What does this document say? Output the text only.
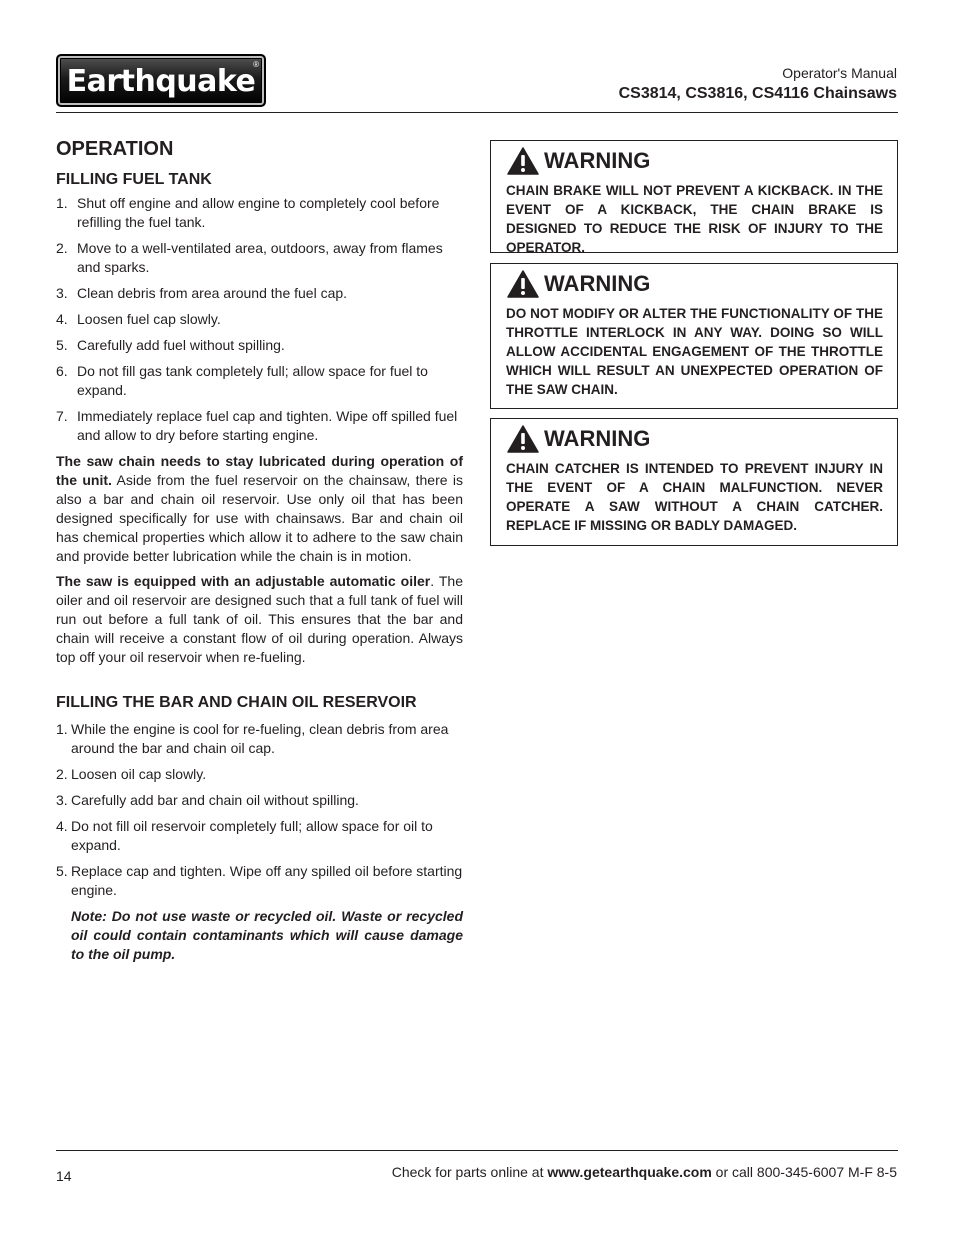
Earthquake
®
Operator's Manual
CS3814, CS3816, CS4116 Chainsaws
OPERATION
FILLING FUEL TANK
1. Shut off engine and allow engine to completely cool before refilling the fuel tank.
2. Move to a well-ventilated area, outdoors, away from flames and sparks.
3. Clean debris from area around the fuel cap.
4. Loosen fuel cap slowly.
5. Carefully add fuel without spilling.
6. Do not fill gas tank completely full; allow space for fuel to expand.
7. Immediately replace fuel cap and tighten. Wipe off spilled fuel and allow to dry before starting engine.

The saw chain needs to stay lubricated during operation of the unit. Aside from the fuel reservoir on the chainsaw, there is also a bar and chain oil reservoir. Use only oil that has been designed specifically for use with chainsaws. Bar and chain oil has chemical properties which allow it to adhere to the saw chain and provide better lubrication while the chain is in motion.

The saw is equipped with an adjustable automatic oiler. The oiler and oil reservoir are designed such that a full tank of fuel will run out before a full tank of oil. This ensures that the bar and chain will receive a constant flow of oil during operation. Always top off your oil reservoir when re-fueling.

FILLING THE BAR AND CHAIN OIL RESERVOIR
1. While the engine is cool for re-fueling, clean debris from area around the bar and chain oil cap.
2. Loosen oil cap slowly.
3. Carefully add bar and chain oil without spilling.
4. Do not fill oil reservoir completely full; allow space for oil to expand.
5. Replace cap and tighten. Wipe off any spilled oil before starting engine.
Note: Do not use waste or recycled oil. Waste or recycled oil could contain contaminants which will cause damage to the oil pump.
WARNING
CHAIN BRAKE WILL NOT PREVENT A KICKBACK. IN THE EVENT OF A KICKBACK, THE CHAIN BRAKE IS DESIGNED TO REDUCE THE RISK OF INJURY TO THE OPERATOR.
WARNING
DO NOT MODIFY OR ALTER THE FUNCTIONALITY OF THE THROTTLE INTERLOCK IN ANY WAY. DOING SO WILL ALLOW ACCIDENTAL ENGAGEMENT OF THE THROTTLE WHICH WILL RESULT AN UNEXPECTED OPERATION OF THE SAW CHAIN.
WARNING
CHAIN CATCHER IS INTENDED TO PREVENT INJURY IN THE EVENT OF A CHAIN MALFUNCTION. NEVER OPERATE A SAW WITHOUT A CHAIN CATCHER. REPLACE IF MISSING OR BADLY DAMAGED.
14	Check for parts online at www.getearthquake.com or call 800-345-6007 M-F 8-5
